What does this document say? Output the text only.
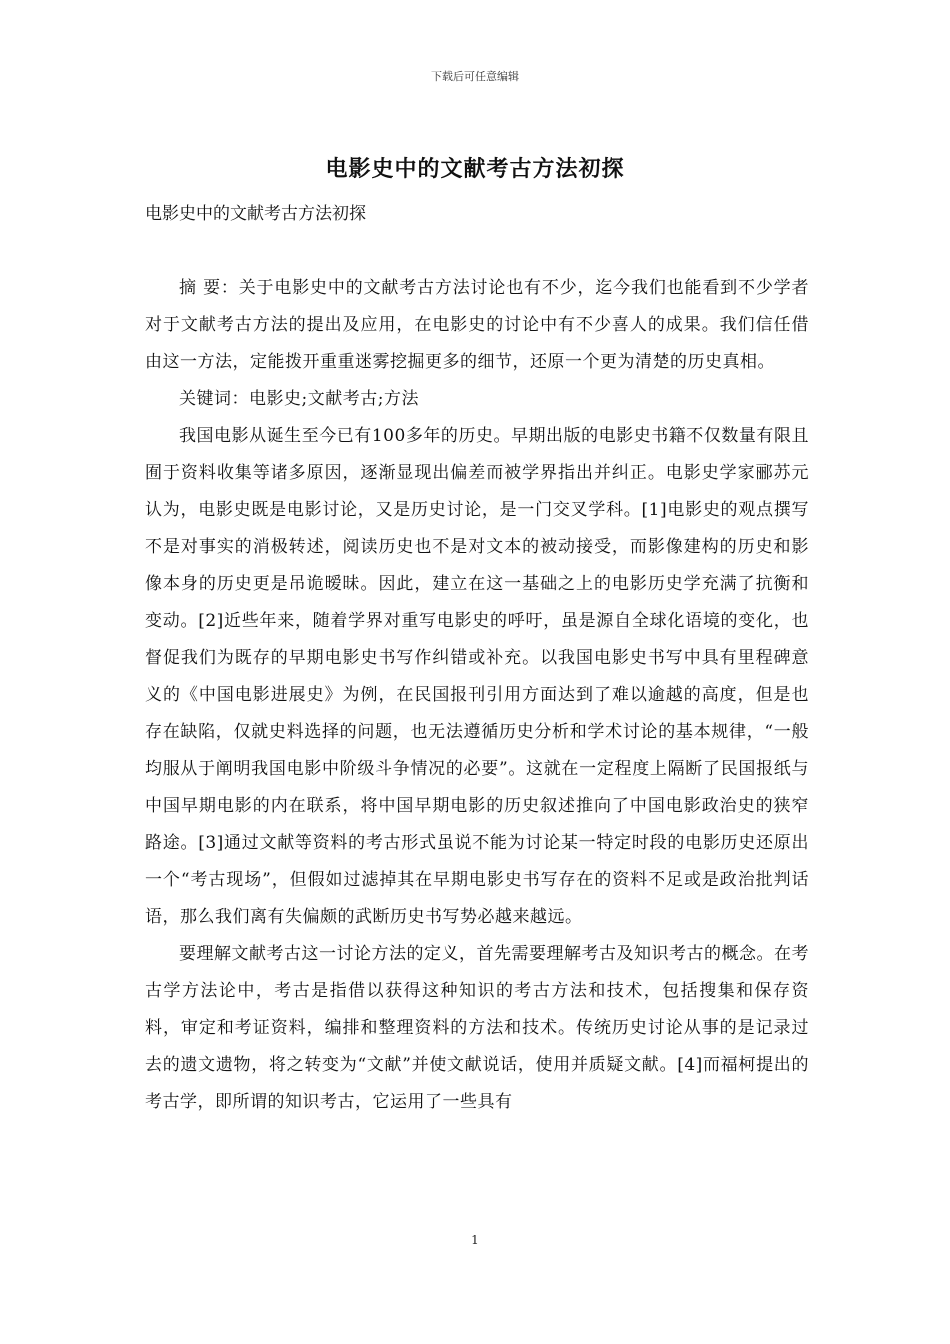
下载后可任意编辑
电影史中的文献考古方法初探

电影史中的文献考古方法初探

摘 要：关于电影史中的文献考古方法讨论也有不少，迄今我们也能看到不少学者对于文献考古方法的提出及应用，在电影史的讨论中有不少喜人的成果。我们信任借由这一方法，定能拨开重重迷雾挖掘更多的细节，还原一个更为清楚的历史真相。

关键词：电影史;文献考古;方法

我国电影从诞生至今已有100多年的历史。早期出版的电影史书籍不仅数量有限且囿于资料收集等诸多原因，逐渐显现出偏差而被学界指出并纠正。电影史学家郦苏元认为，电影史既是电影讨论，又是历史讨论，是一门交叉学科。[1]电影史的观点撰写不是对事实的消极转述，阅读历史也不是对文本的被动接受，而影像建构的历史和影像本身的历史更是吊诡暧昧。因此，建立在这一基础之上的电影历史学充满了抗衡和变动。[2]近些年来，随着学界对重写电影史的呼吁，虽是源自全球化语境的变化，也督促我们为既存的早期电影史书写作纠错或补充。以我国电影史书写中具有里程碑意义的《中国电影进展史》为例，在民国报刊引用方面达到了难以逾越的高度，但是也存在缺陷，仅就史料选择的问题，也无法遵循历史分析和学术讨论的基本规律，“一般均服从于阐明我国电影中阶级斗争情况的必要”。这就在一定程度上隔断了民国报纸与中国早期电影的内在联系，将中国早期电影的历史叙述推向了中国电影政治史的狭窄路途。[3]通过文献等资料的考古形式虽说不能为讨论某一特定时段的电影历史还原出一个“考古现场”，但假如过滤掉其在早期电影史书写存在的资料不足或是政治批判话语，那么我们离有失偏颇的武断历史书写势必越来越远。

要理解文献考古这一讨论方法的定义，首先需要理解考古及知识考古的概念。在考古学方法论中，考古是指借以获得这种知识的考古方法和技术，包括搜集和保存资料，审定和考证资料，编排和整理资料的方法和技术。传统历史讨论从事的是记录过去的遗文遗物，将之转变为“文献”并使文献说话，使用并质疑文献。[4]而福柯提出的考古学，即所谓的知识考古，它运用了一些具有

1
